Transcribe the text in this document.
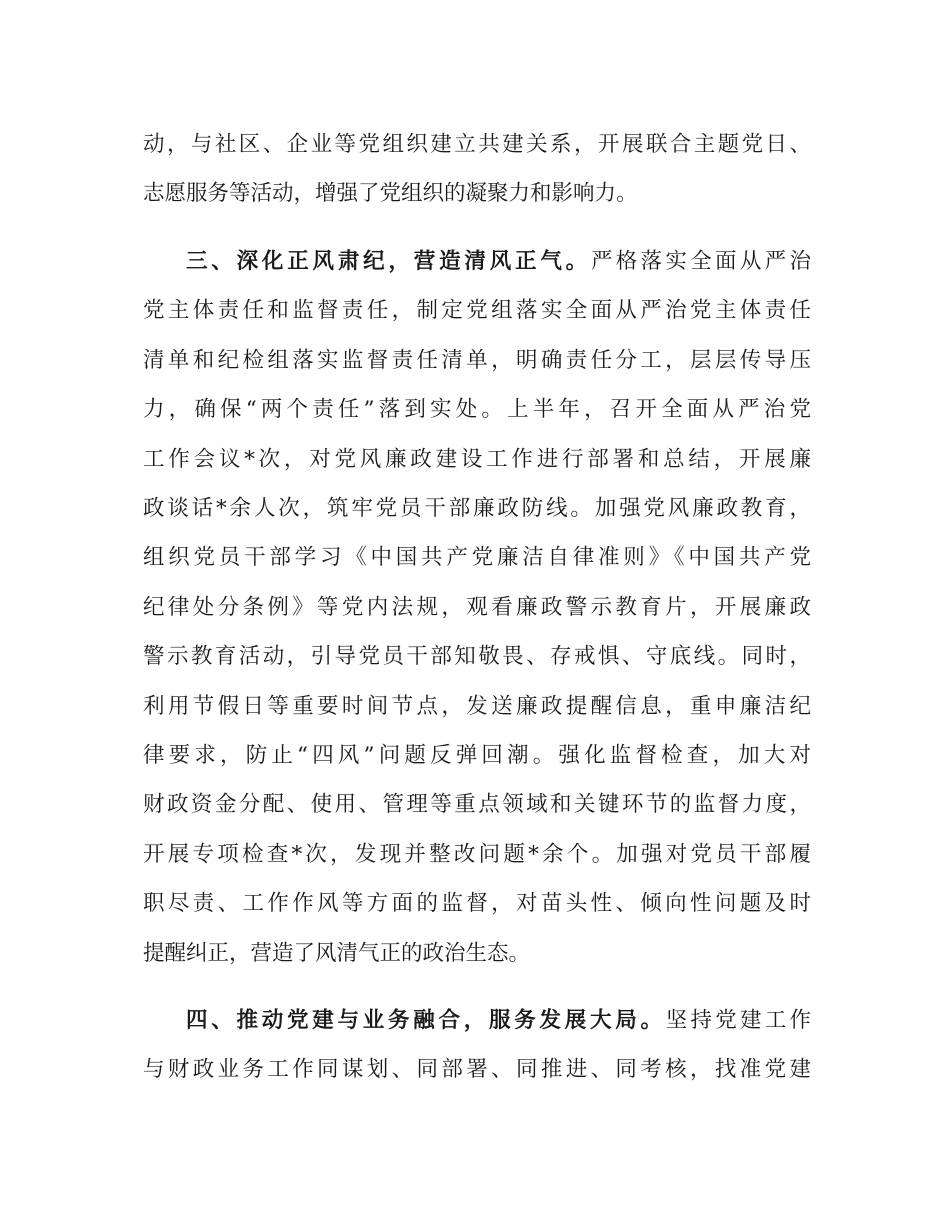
动，与社区、企业等党组织建立共建关系，开展联合主题党日、
志愿服务等活动，增强了党组织的凝聚力和影响力。
三、深化正风肃纪，营造清风正气。严格落实全面从严治
党主体责任和监督责任，制定党组落实全面从严治党主体责任
清单和纪检组落实监督责任清单，明确责任分工，层层传导压
力，确保“两个责任”落到实处。上半年，召开全面从严治党
工作会议*次，对党风廉政建设工作进行部署和总结，开展廉
政谈话*余人次，筑牢党员干部廉政防线。加强党风廉政教育，
组织党员干部学习《中国共产党廉洁自律准则》《中国共产党
纪律处分条例》等党内法规，观看廉政警示教育片，开展廉政
警示教育活动，引导党员干部知敬畏、存戒惧、守底线。同时，
利用节假日等重要时间节点，发送廉政提醒信息，重申廉洁纪
律要求，防止“四风”问题反弹回潮。强化监督检查，加大对
财政资金分配、使用、管理等重点领域和关键环节的监督力度，
开展专项检查*次，发现并整改问题*余个。加强对党员干部履
职尽责、工作作风等方面的监督，对苗头性、倾向性问题及时
提醒纠正，营造了风清气正的政治生态。
四、推动党建与业务融合，服务发展大局。坚持党建工作
与财政业务工作同谋划、同部署、同推进、同考核，找准党建
